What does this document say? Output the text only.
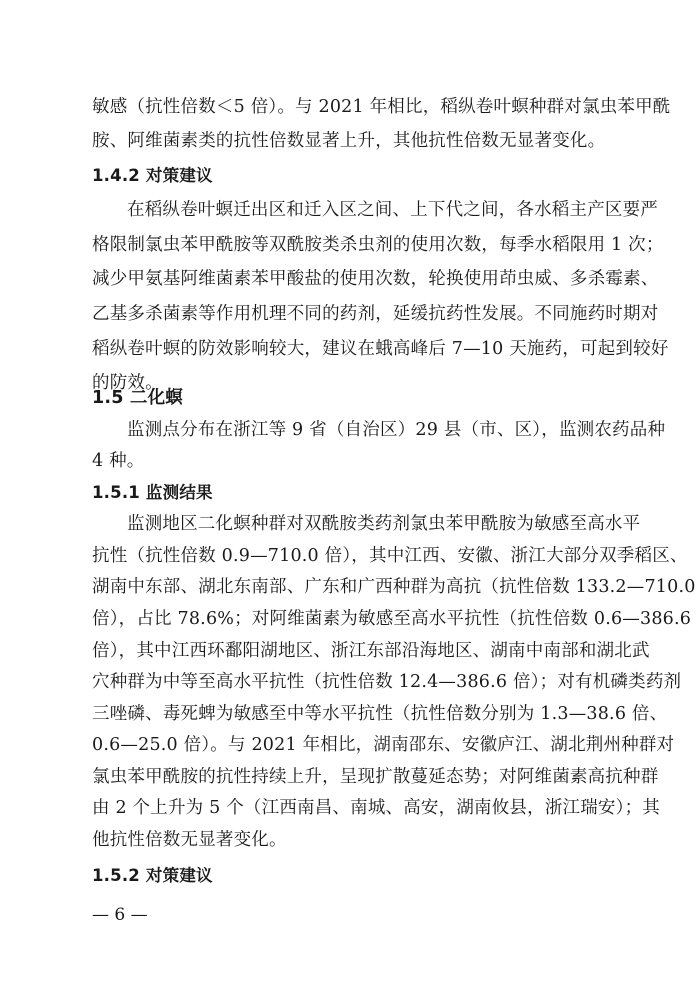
敏感（抗性倍数＜5 倍）。与 2021 年相比，稻纵卷叶螟种群对氯虫苯甲酰
胺、阿维菌素类的抗性倍数显著上升，其他抗性倍数无显著变化。
1.4.2 对策建议
在稻纵卷叶螟迁出区和迁入区之间、上下代之间，各水稻主产区要严
格限制氯虫苯甲酰胺等双酰胺类杀虫剂的使用次数，每季水稻限用 1 次；
减少甲氨基阿维菌素苯甲酸盐的使用次数，轮换使用茚虫威、多杀霉素、
乙基多杀菌素等作用机理不同的药剂，延缓抗药性发展。不同施药时期对
稻纵卷叶螟的防效影响较大，建议在蛾高峰后 7—10 天施药，可起到较好
的防效。
1.5 二化螟
监测点分布在浙江等 9 省（自治区）29 县（市、区），监测农药品种
4 种。
1.5.1 监测结果
监测地区二化螟种群对双酰胺类药剂氯虫苯甲酰胺为敏感至高水平
抗性（抗性倍数 0.9—710.0 倍），其中江西、安徽、浙江大部分双季稻区、
湖南中东部、湖北东南部、广东和广西种群为高抗（抗性倍数 133.2—710.0
倍），占比 78.6%；对阿维菌素为敏感至高水平抗性（抗性倍数 0.6—386.6
倍），其中江西环鄱阳湖地区、浙江东部沿海地区、湖南中南部和湖北武
穴种群为中等至高水平抗性（抗性倍数 12.4—386.6 倍）；对有机磷类药剂
三唑磷、毒死蜱为敏感至中等水平抗性（抗性倍数分别为 1.3—38.6 倍、
0.6—25.0 倍）。与 2021 年相比，湖南邵东、安徽庐江、湖北荆州种群对
氯虫苯甲酰胺的抗性持续上升，呈现扩散蔓延态势；对阿维菌素高抗种群
由 2 个上升为 5 个（江西南昌、南城、高安，湖南攸县，浙江瑞安）；其
他抗性倍数无显著变化。
1.5.2 对策建议
— 6 —
